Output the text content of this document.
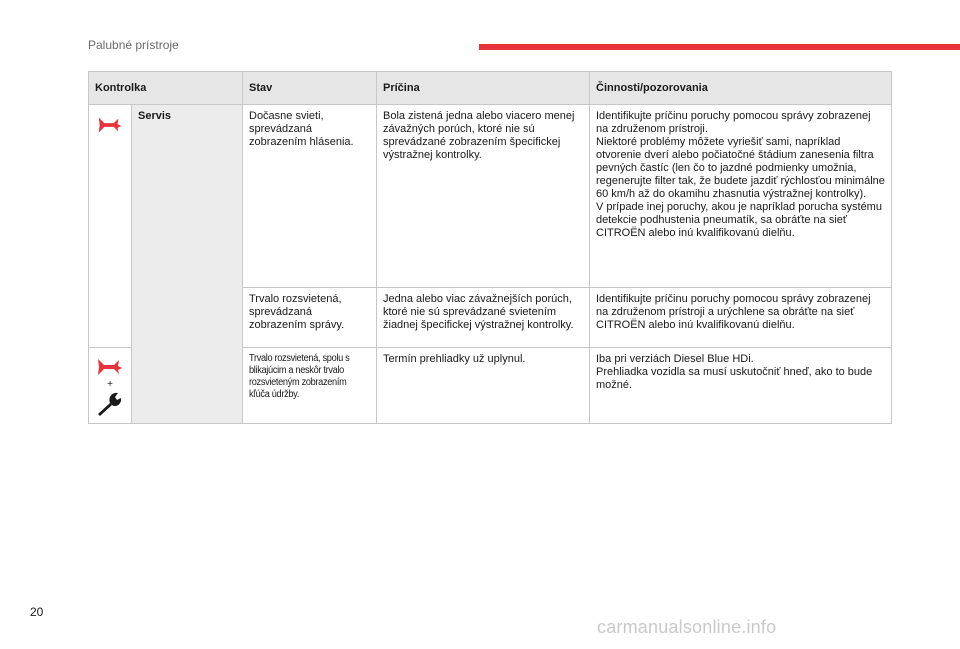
Palubné prístroje
Kontrolka		Stav	Príčina	Činnosti/pozorovania

	Servis	Dočasne svieti, sprevádzaná zobrazením hlásenia.	Bola zistená jedna alebo viacero menej závažných porúch, ktoré nie sú sprevádzané zobrazením špecifickej výstražnej kontrolky.	Identifikujte príčinu poruchy pomocou správy zobrazenej na združenom prístroji.
Niektoré problémy môžete vyriešiť sami, napríklad otvorenie dverí alebo počiatočné štádium zanesenia filtra pevných častíc (len čo to jazdné podmienky umožnia, regenerujte filter tak, že budete jazdiť rýchlosťou minimálne 60 km/h až do okamihu zhasnutia výstražnej kontrolky).
V prípade inej poruchy, akou je napríklad porucha systému detekcie podhustenia pneumatík, sa obráťte na sieť CITROËN alebo inú kvalifikovanú dielňu.

		Trvalo rozsvietená, sprevádzaná zobrazením správy.	Jedna alebo viac závažnejších porúch, ktoré nie sú sprevádzané svietením žiadnej špecifickej výstražnej kontrolky.	Identifikujte príčinu poruchy pomocou správy zobrazenej na združenom prístroji a urýchlene sa obráťte na sieť CITROËN alebo inú kvalifikovanú dielňu.

+		Trvalo rozsvietená, spolu s blikajúcim a neskôr trvalo rozsvieteným zobrazením kľúča údržby.	Termín prehliadky už uplynul.	Iba pri verziách Diesel Blue HDi.
Prehliadka vozidla sa musí uskutočniť hneď, ako to bude možné.
20
carmanualsonline.info
